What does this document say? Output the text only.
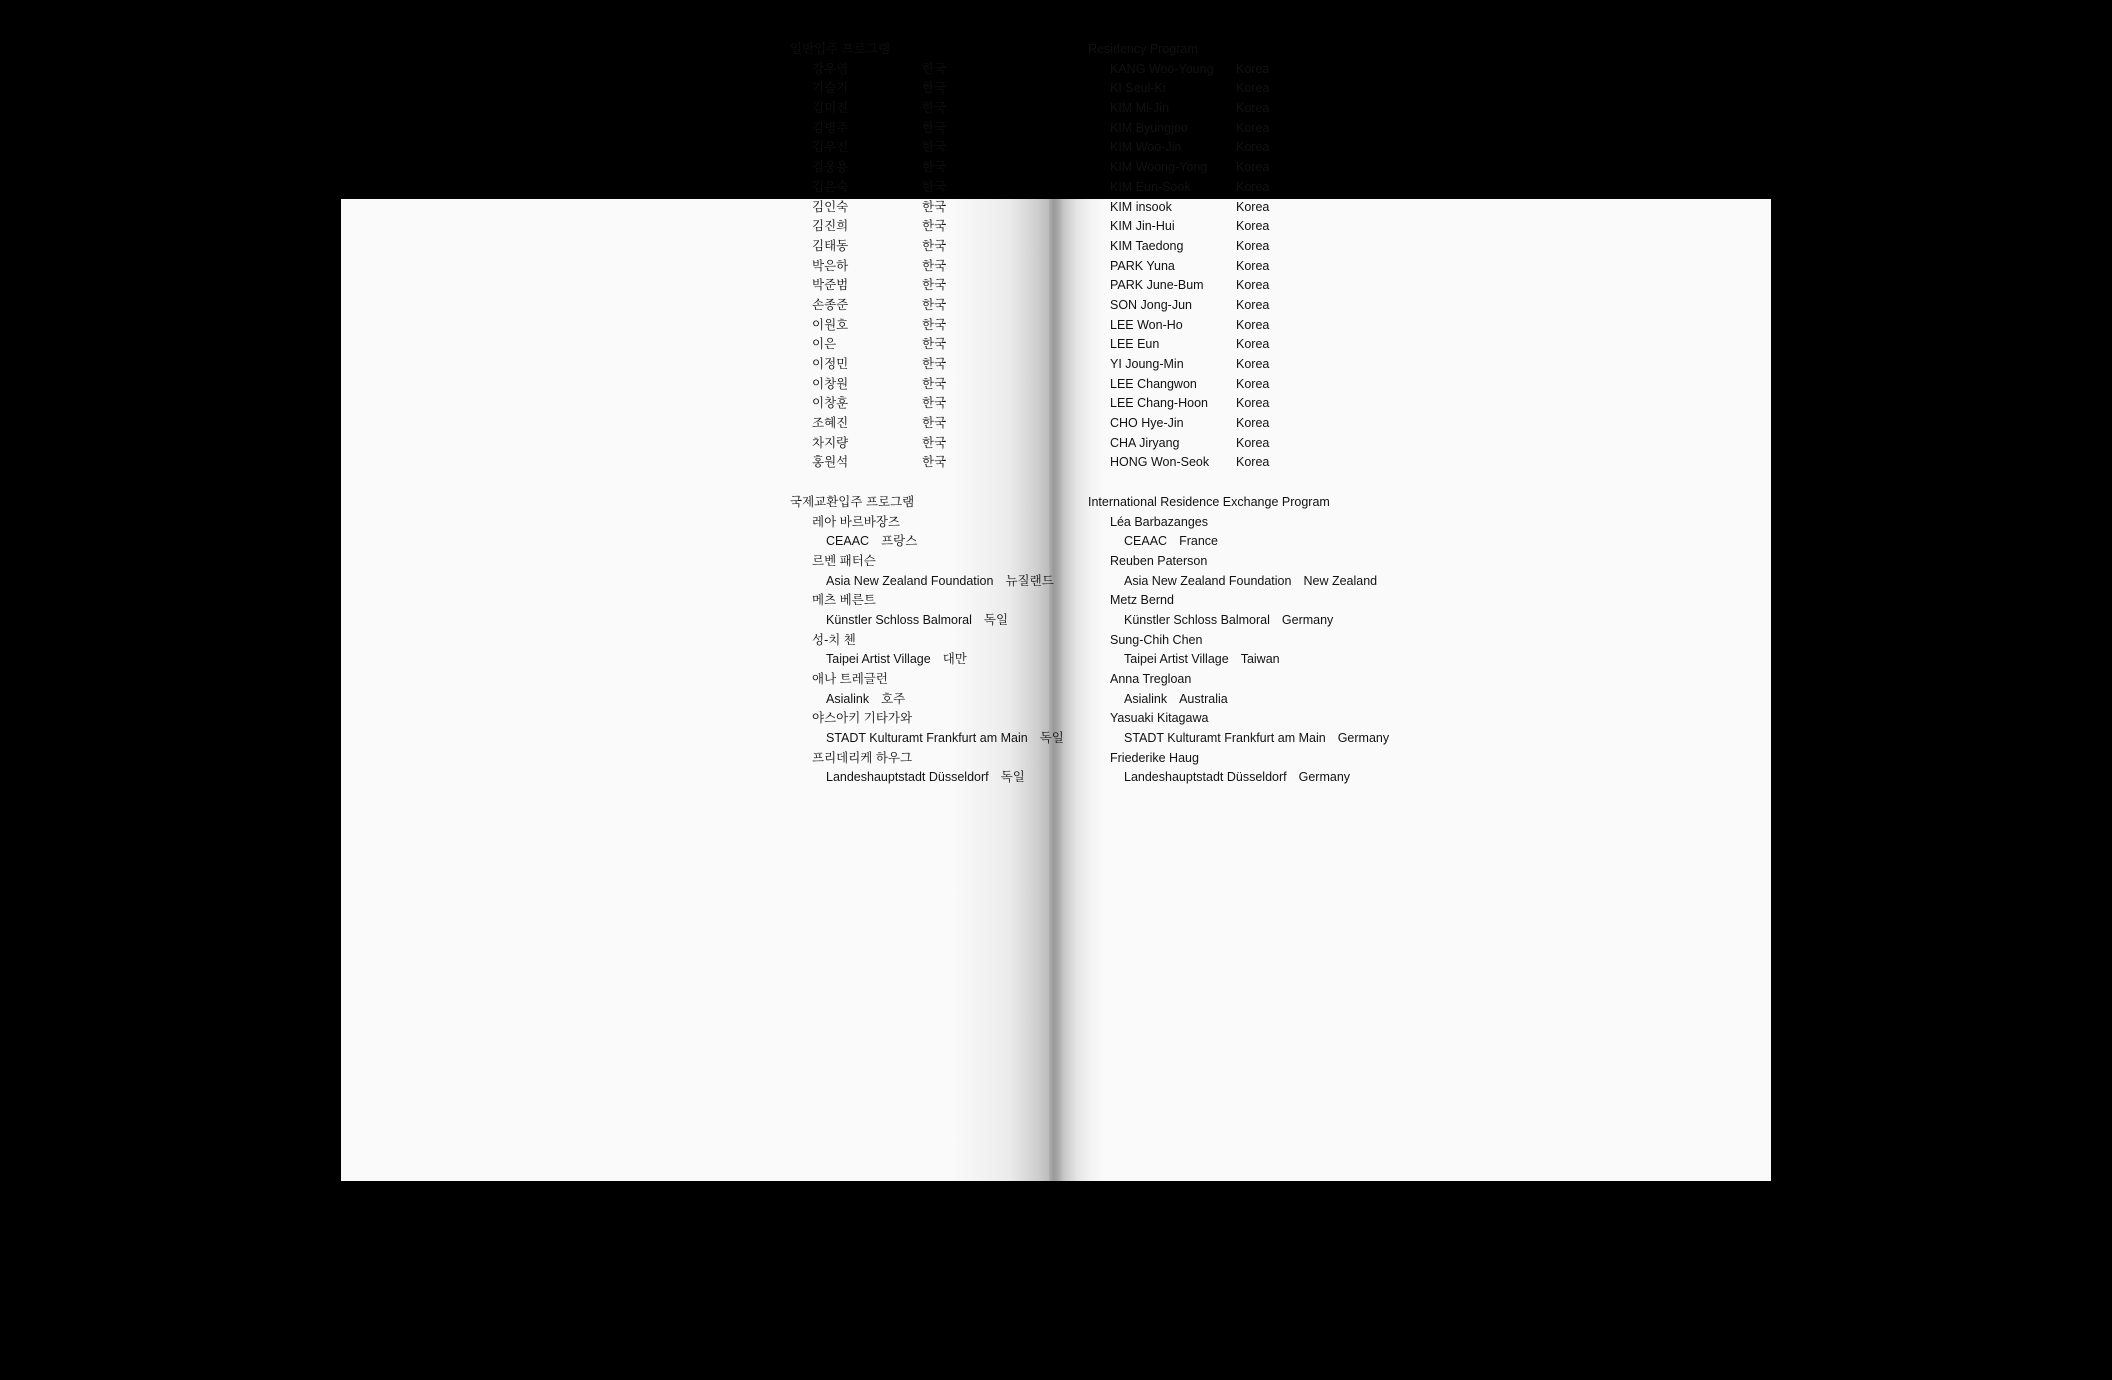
일반입주 프로그램
강우영	한국
기슬기	한국
김미진	한국
김병주	한국
김우진	한국
김웅용	한국
김은숙	한국
김인숙	한국
김진희	한국
김태동	한국
박은하	한국
박준범	한국
손종준	한국
이원호	한국
이은	한국
이정민	한국
이창원	한국
이창훈	한국
조혜진	한국
차지량	한국
홍원석	한국
국제교환입주 프로그램
레아 바르바장즈
CEAAC 프랑스
르벤 패터슨
Asia New Zealand Foundation 뉴질랜드
메츠 베른트
Künstler Schloss Balmoral 독일
성-치 첸
Taipei Artist Village 대만
애나 트레글런
Asialink 호주
야스아키 기타가와
STADT Kulturamt Frankfurt am Main 독일
프리데리케 하우그
Landeshauptstadt Düsseldorf 독일
Residency Program
KANG Woo-Young	Korea
KI Seul-Ki	Korea
KIM Mi-Jin	Korea
KIM Byungjoo	Korea
KIM Woo-Jin	Korea
KIM Woong-Yong	Korea
KIM Eun-Sook	Korea
KIM insook	Korea
KIM Jin-Hui	Korea
KIM Taedong	Korea
PARK Yuna	Korea
PARK June-Bum	Korea
SON Jong-Jun	Korea
LEE Won-Ho	Korea
LEE Eun	Korea
YI Joung-Min	Korea
LEE Changwon	Korea
LEE Chang-Hoon	Korea
CHO Hye-Jin	Korea
CHA Jiryang	Korea
HONG Won-Seok	Korea
International Residence Exchange Program
Léa Barbazanges
CEAAC France
Reuben Paterson
Asia New Zealand Foundation New Zealand
Metz Bernd
Künstler Schloss Balmoral Germany
Sung-Chih Chen
Taipei Artist Village Taiwan
Anna Tregloan
Asialink Australia
Yasuaki Kitagawa
STADT Kulturamt Frankfurt am Main Germany
Friederike Haug
Landeshauptstadt Düsseldorf Germany
